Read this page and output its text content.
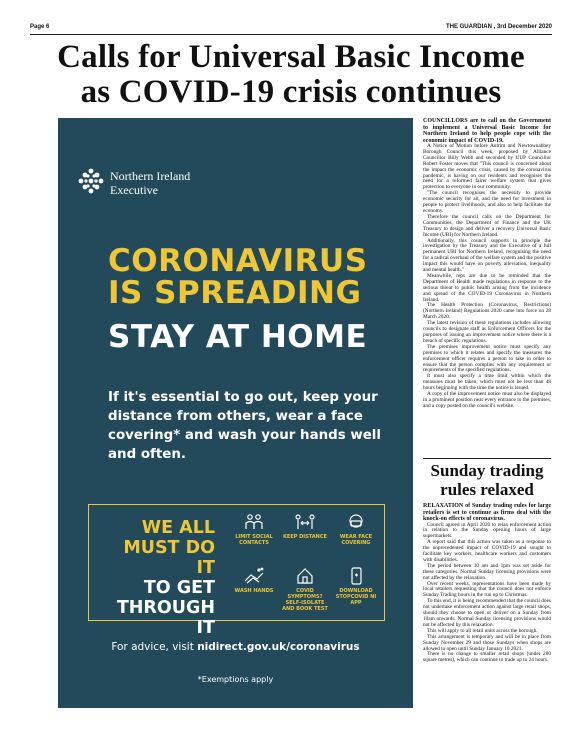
Page 6	THE GUARDIAN , 3rd December 2020
Calls for Universal Basic Income
as COVID-19 crisis continues
Northern Ireland
Executive
CORONAVIRUS
IS SPREADING
STAY AT HOME
If it's essential to go out, keep your distance from others, wear a face covering* and wash your hands well and often.
WE ALL
MUST DO IT
TO GET
THROUGH IT
LIMIT SOCIAL CONTACTS
KEEP DISTANCE	WEAR FACE COVERING
WASH HANDS	COVID SYMPTOMS? SELF-ISOLATE AND BOOK TEST
DOWNLOAD STOPCOVID NI APP
For advice, visit nidirect.gov.uk/coronavirus
*Exemptions apply

COUNCILLORS are to call on the Government to implement a Universal Basic Income for Northern Ireland to help people cope with the economic impact of COVID-19.

A Notice of Motion before Antrim and Newtownabbey Borough Council this week, proposed by Alliance Councillor Billy Webb and seconded by UUP Councillor Robert Foster moves that "This council is concerned about the impact the economic crisis, caused by the coronavirus pandemic, is having on our residents and recognises the need for a reformed fairer welfare system that gives protection to everyone in our community.

"The council recognises the necessity to provide economic security for all, and the need for investment in people to protect livelihoods, and also to help facilitate the economy.

Therefore the council calls on the Department for Communities, the Department of Finance and the UK Treasury to design and deliver a recovery Universal Basic Income (UBI) for Northern Ireland.

Additionally, this council supports in principle the investigation by the Treasury and the Executive of a full permanent UBI for Northern Ireland, recognising the need for a radical overhaul of the welfare system and the positive impact this would have on poverty alleviation, inequality and mental health."

Meanwhile, reps are due to be reminded that the Department of Health made regulations in response to the serious threat to public health arising from the incidence and spread of the COVID-19 Coronavirus in Northern Ireland.

The Health Protection (Coronavirus, Restrictions) (Northern Ireland) Regulations 2020 came into force on 28 March 2020.

The latest revision of these regulations includes allowing councils to designate staff as Enforcement Officers for the purposes of issuing an improvement notice where there is a breach of specific regulations.

The premises improvement notice must specify any premises to which it relates and specify the measures the enforcement officer requires a person to take in order to ensure that the person complies with any requirement or requirements of the specified regulations.

It must also specify a time limit within which the measures must be taken, which must not be less than 48 hours beginning with the time the notice is issued.

A copy of the improvement notice must also be displayed in a prominent position near every entrance to the premises, and a copy posted on the council's website.

Sunday trading
rules relaxed

RELAXATION of Sunday trading rules for large retailers is set to continue as firms deal with the knock-on effects of coronavirus.

Council agreed in April 2020 to relax enforcement action in relation to the Sunday opening hours of large supermarkets.

A report said that this action was taken as a response to the unprecedented impact of COVID-19 and sought to facilitate key workers, healthcare workers and customers with disabilities.

The period between 10 am and 1pm was set aside for these categories. Normal Sunday licensing provisions were not affected by the relaxation.

Over recent weeks, representations have been made by local retailers requesting that the council does not enforce Sunday Trading hours in the run up to Christmas.

To this end, it is being recommended that the council does not undertake enforcement action against large retail shops, should they choose to open or deliver on a Sunday from 10am onwards. Normal Sunday licensing provisions would not be affected by this relaxation.

This will apply to all retail units across the borough.

This arrangement is temporary and will be in place from Sunday November 29 and those Sundays when shops are allowed to open until Sunday January 10 2021.

There is no change to smaller retail shops (under 280 square metres), which can continue to trade up to 24 hours.
